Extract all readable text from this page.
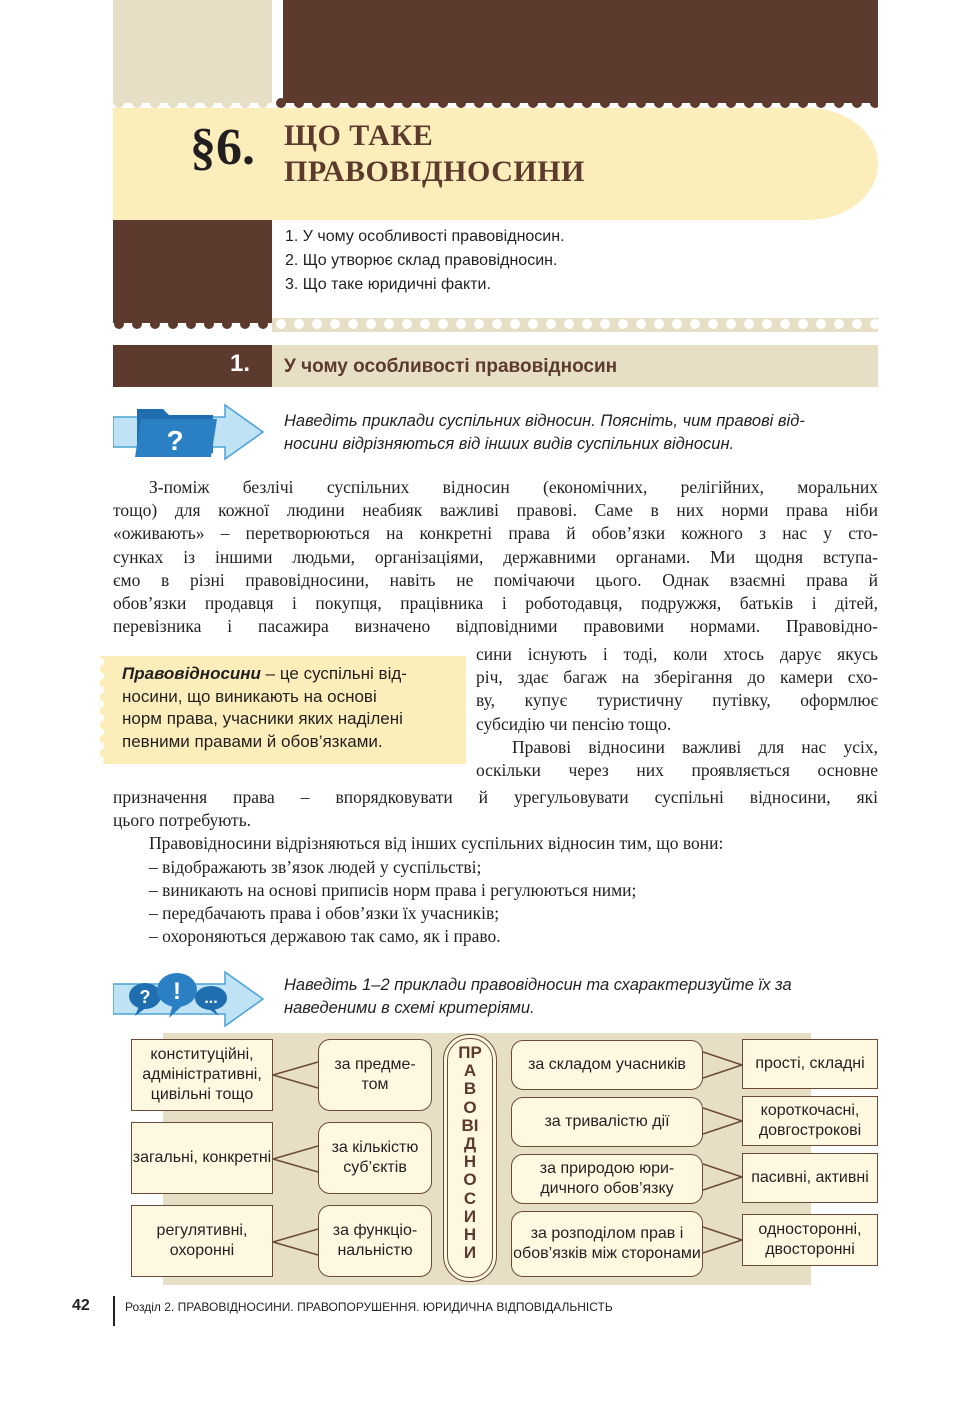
§6. ЩО ТАКЕ
ПРАВОВІДНОСИНИ
1. У чому особливості правовідносин.
2. Що утворює склад правовідносин.
3. Що таке юридичні факти.
1. У чому особливості правовідносин
?
Наведіть приклади суспільних відносин. Поясніть, чим правові від-
носини відрізняються від інших видів суспільних відносин.
З-поміж безлічі суспільних відносин (економічних, релігійних, моральних
тощо) для кожної людини неабияк важливі правові. Саме в них норми права ніби
«оживають» – перетворюються на конкретні права й обов’язки кожного з нас у сто-
сунках із іншими людьми, організаціями, державними органами. Ми щодня вступа-
ємо в різні правовідносини, навіть не помічаючи цього. Однак взаємні права й
обов’язки продавця і покупця, працівника і роботодавця, подружжя, батьків і дітей,
перевізника і пасажира визначено відповідними правовими нормами. Правовідно-
сини існують і тоді, коли хтось дарує якусь
річ, здає багаж на зберігання до камери схо-
ву, купує туристичну путівку, оформлює
субсидію чи пенсію тощо.
Правові відносини важливі для нас усіх,
оскільки через них проявляється основне
призначення права – впорядковувати й урегульовувати суспільні відносини, які
цього потребують.
Правовідносини відрізняються від інших суспільних відносин тим, що вони:
– відображають зв’язок людей у суспільстві;
– виникають на основі приписів норм права і регулюються ними;
– передбачають права і обов’язки їх учасників;
– охороняються державою так само, як і право.
Правовідносини – це суспільні від-
носини, що виникають на основі
норм права, учасники яких наділені
певними правами й обов’язками.
? ! ...
Наведіть 1–2 приклади правовідносин та схарактеризуйте їх за
наведеними в схемі критеріями.
конституційні, адміністративні, цивільні тощо
за предме- том
загальні, конкретні
за кількістю суб’єктів
регулятивні, охоронні
за функціо- нальністю
ПРАВОВІДНОСИНИ
за складом учасників	прості, складні
за тривалістю дії
короткочасні, довгострокові
за природою юри- дичного обов’язку
пасивні, активні
за розподілом прав і обов’язків між сторонами
односторонні, двосторонні
42	Розділ 2. ПРАВОВІДНОСИНИ. ПРАВОПОРУШЕННЯ. ЮРИДИЧНА ВІДПОВІДАЛЬНІСТЬ
